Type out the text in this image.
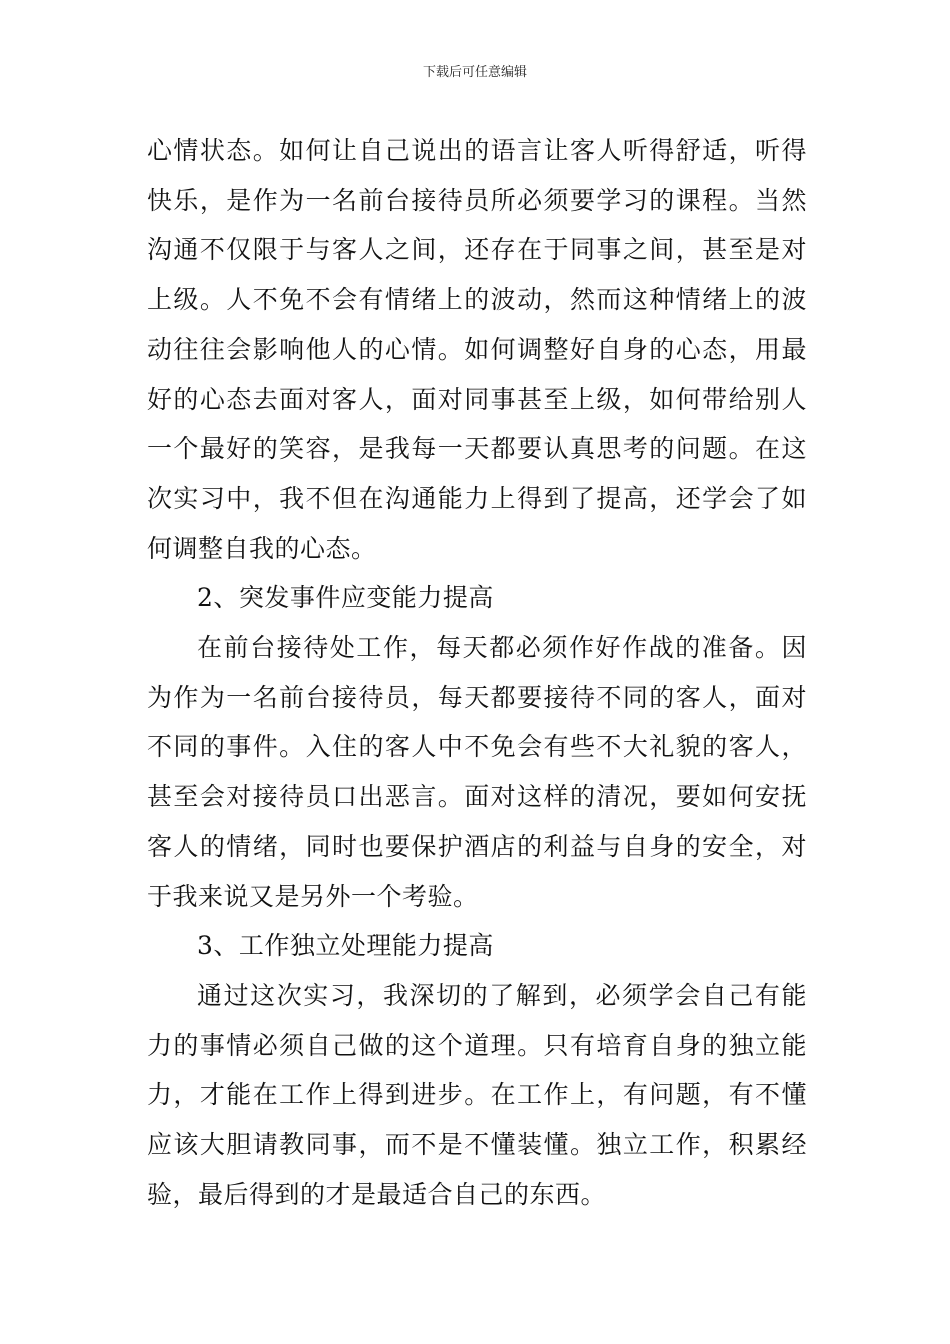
下载后可任意编辑

心情状态。如何让自己说出的语言让客人听得舒适，听得快乐，是作为一名前台接待员所必须要学习的课程。当然沟通不仅限于与客人之间，还存在于同事之间，甚至是对上级。人不免不会有情绪上的波动，然而这种情绪上的波动往往会影响他人的心情。如何调整好自身的心态，用最好的心态去面对客人，面对同事甚至上级，如何带给别人一个最好的笑容，是我每一天都要认真思考的问题。在这次实习中，我不但在沟通能力上得到了提高，还学会了如何调整自我的心态。

2、突发事件应变能力提高

在前台接待处工作，每天都必须作好作战的准备。因为作为一名前台接待员，每天都要接待不同的客人，面对不同的事件。入住的客人中不免会有些不大礼貌的客人，甚至会对接待员口出恶言。面对这样的清况，要如何安抚客人的情绪，同时也要保护酒店的利益与自身的安全，对于我来说又是另外一个考验。

3、工作独立处理能力提高

通过这次实习，我深切的了解到，必须学会自己有能力的事情必须自己做的这个道理。只有培育自身的独立能力，才能在工作上得到进步。在工作上，有问题，有不懂应该大胆请教同事，而不是不懂装懂。独立工作，积累经验，最后得到的才是最适合自己的东西。
